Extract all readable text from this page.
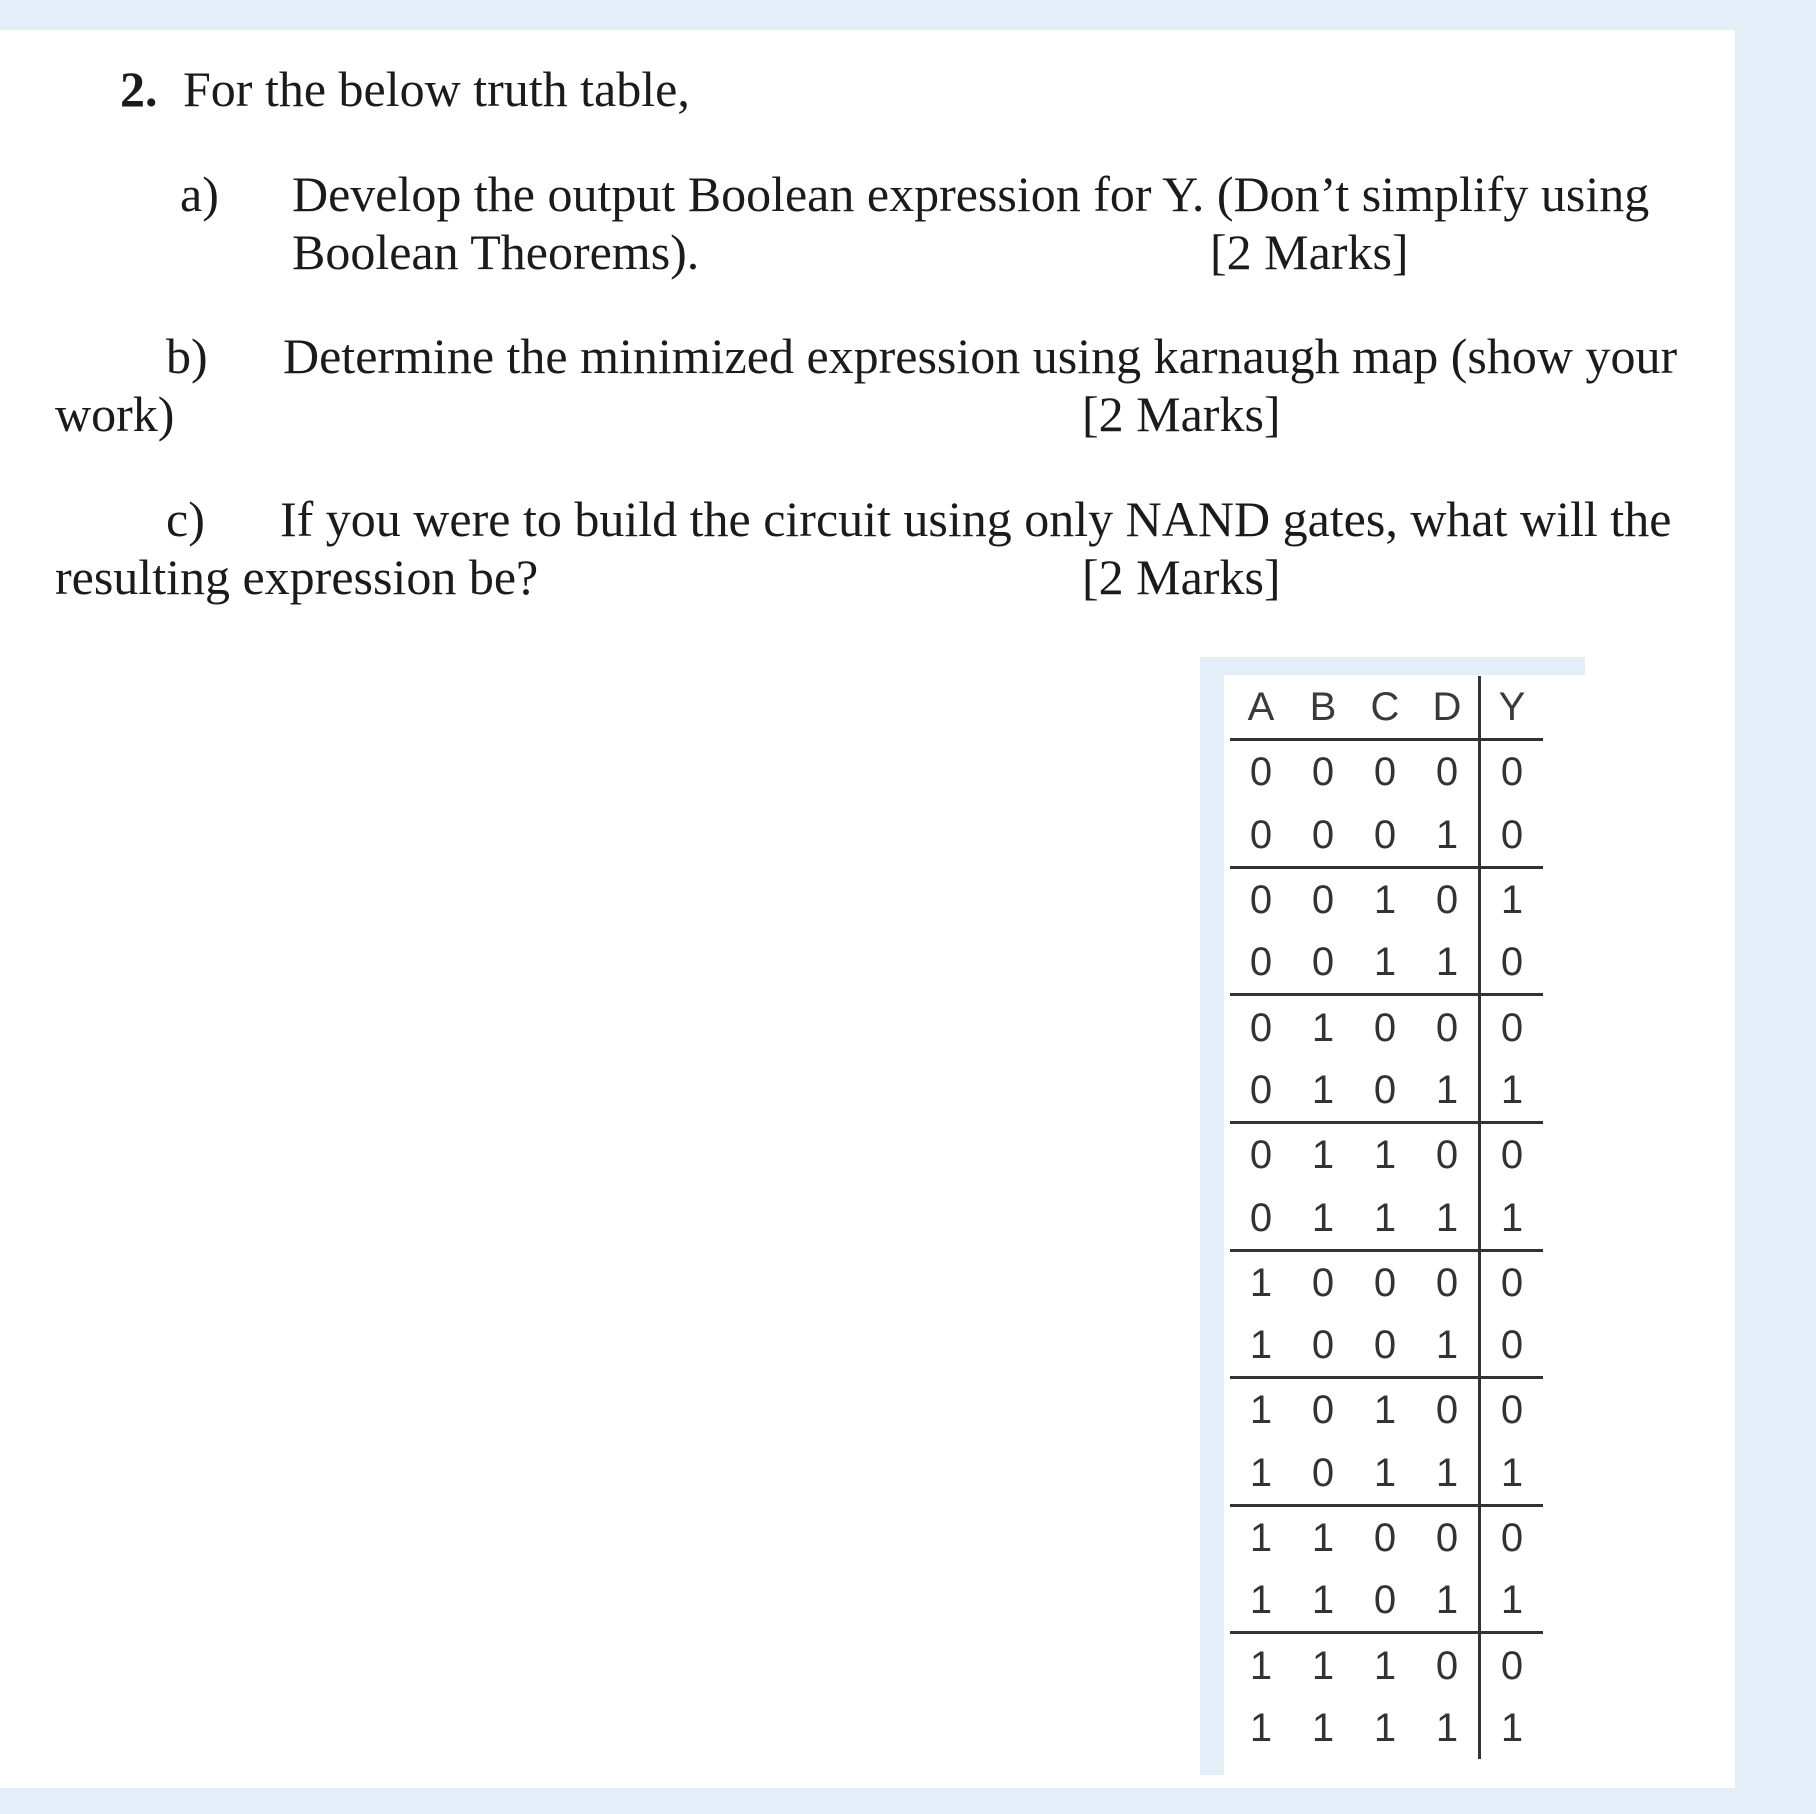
2. For the below truth table,
a) Develop the output Boolean expression for Y. (Don’t simplify using
Boolean Theorems).	[2 Marks]
b) Determine the minimized expression using karnaugh map (show your
work)	[2 Marks]
c) If you were to build the circuit using only NAND gates, what will the
resulting expression be?	[2 Marks]
A	B	C	D	Y
0	0	0	0	0
0	0	0	1	0
0	0	1	0	1
0	0	1	1	0
0	1	0	0	0
0	1	0	1	1
0	1	1	0	0
0	1	1	1	1
1	0	0	0	0
1	0	0	1	0
1	0	1	0	0
1	0	1	1	1
1	1	0	0	0
1	1	0	1	1
1	1	1	0	0
1	1	1	1	1
